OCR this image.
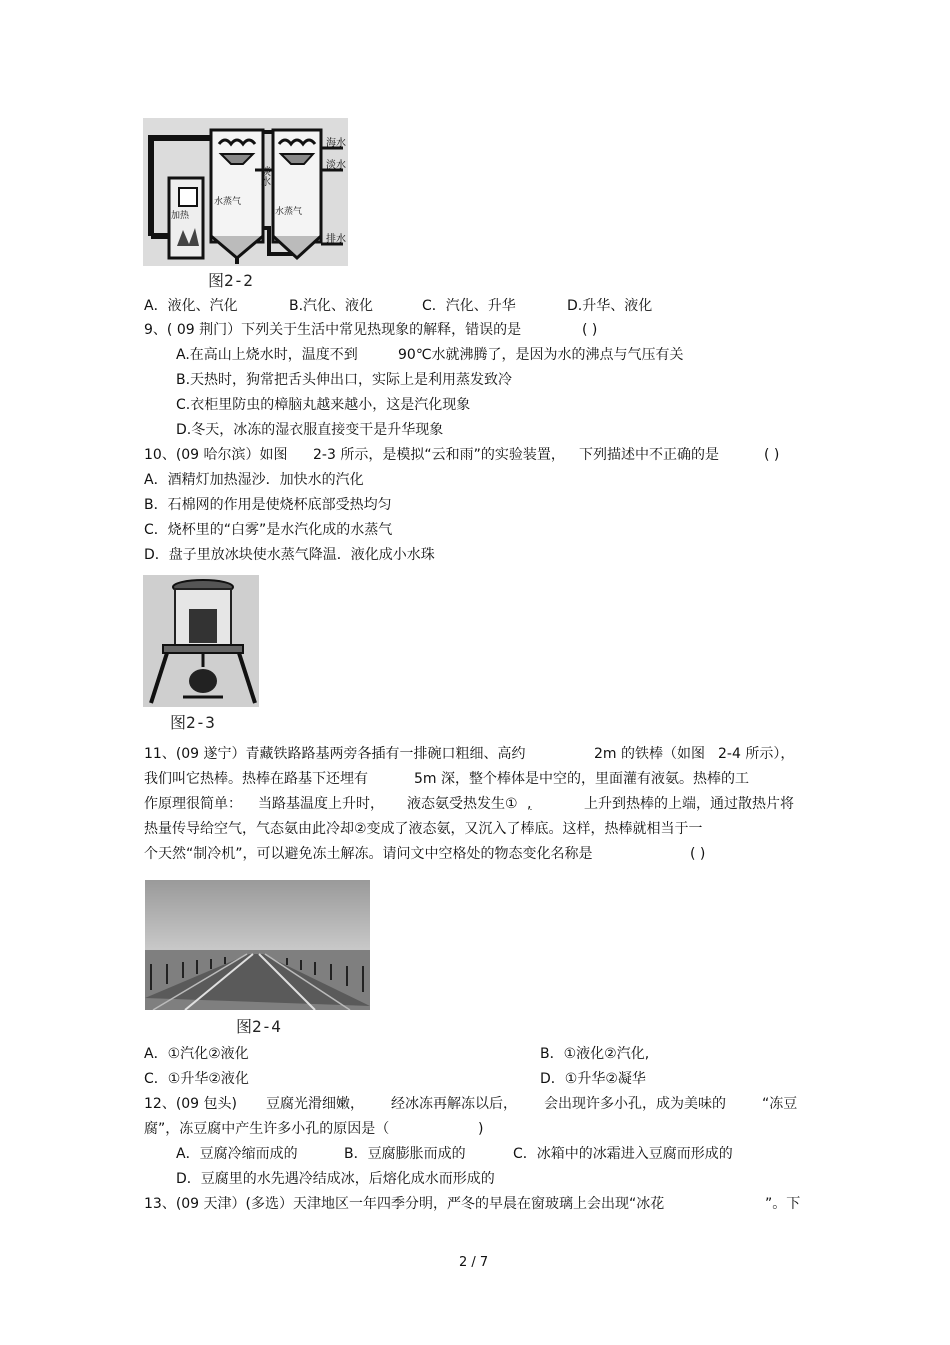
海水
淡水
排水
淡水
水蒸气
水蒸气
加热
图2-2
A．液化、汽化	B.汽化、液化	C．汽化、升华	D.升华、液化
9、( 09 荆门）下列关于生活中常见热现象的解释，错误的是	( )
A.在高山上烧水时，温度不到	90℃水就沸腾了，是因为水的沸点与气压有关
B.天热时，狗常把舌头伸出口，实际上是利用蒸发致冷
C.衣柜里防虫的樟脑丸越来越小，这是汽化现象
D.冬天，冰冻的湿衣服直接变干是升华现象
10、(09 哈尔滨）如图 2-3 所示，是模拟“云和雨”的实验装置， 下列描述中不正确的是	( )
A．酒精灯加热湿沙．加快水的汽化
B．石棉网的作用是使烧杯底部受热均匀
C．烧杯里的“白雾”是水汽化成的水蒸气
D．盘子里放冰块使水蒸气降温．液化成小水珠
图2-3
11、(09 遂宁）青藏铁路路基两旁各插有一排碗口粗细、高约	2m 的铁棒（如图 2-4 所示），
我们叫它热棒。热棒在路基下还埋有	5m 深，整个棒体是中空的，里面灌有液氨。热棒的工
作原理很简单： 当路基温度上升时， 液态氨受热发生① ,	上升到热棒的上端，通过散热片将
热量传导给空气，气态氨由此冷却②变成了液态氨，又沉入了棒底。这样，热棒就相当于一
个天然“制冷机”，可以避免冻土解冻。请问文中空格处的物态变化名称是	( )
图2-4
A．①汽化②液化	B．①液化②汽化,
C．①升华②液化	D．①升华②凝华
12、(09 包头) 豆腐光滑细嫩， 经冰冻再解冻以后， 会出现许多小孔，成为美味的	“冻豆
腐”，冻豆腐中产生许多小孔的原因是（	)
A．豆腐冷缩而成的	B．豆腐膨胀而成的	C．冰箱中的冰霜进入豆腐而形成的
D．豆腐里的水先遇冷结成冰，后熔化成水而形成的
13、(09 天津）(多选）天津地区一年四季分明，严冬的早晨在窗玻璃上会出现“冰花	”。下
2 / 7
